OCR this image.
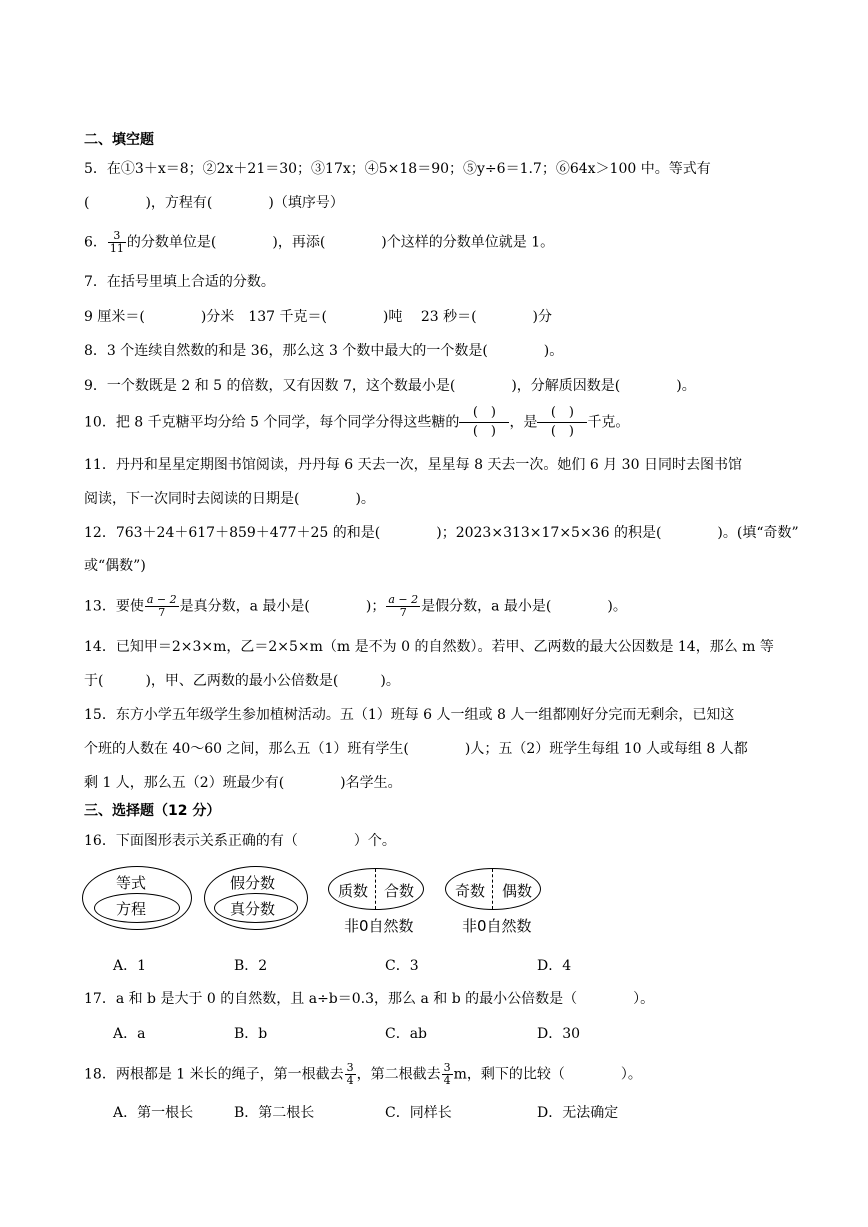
二、填空题
5．在①3＋x＝8；②2x＋21＝30；③17x；④5×18＝90；⑤y÷6＝1.7；⑥64x＞100 中。等式有
(　　　　)，方程有(　　　　)（填序号）
6． $\frac{3}{11}$ 的分数单位是(　　　　)，再添(　　　　)个这样的分数单位就是 1。
7．在括号里填上合适的分数。
9 厘米＝(　　　　)分米　137 千克＝(　　　　)吨　 23 秒＝(　　　　)分
8．3 个连续自然数的和是 36，那么这 3 个数中最大的一个数是(　　　　)。
9．一个数既是 2 和 5 的倍数，又有因数 7，这个数最小是(　　　　)，分解质因数是(　　　　)。
10．把 8 千克糖平均分给 5 个同学，每个同学分得这些糖的 $\frac{( )}{( )}$ ，是 $\frac{( )}{( )}$ 千克。
11．丹丹和星星定期图书馆阅读，丹丹每 6 天去一次，星星每 8 天去一次。她们 6 月 30 日同时去图书馆
阅读，下一次同时去阅读的日期是(　　　　)。
12．763＋24＋617＋859＋477＋25 的和是(　　　　)；2023×313×17×5×36 的积是(　　　　)。(填“奇数”
或“偶数”)
13．要使 $\frac{a - 2}{7}$ 是真分数，a 最小是(　　　　)； $\frac{a - 2}{7}$ 是假分数，a 最小是(　　　　)。
14．已知甲＝2×3×m，乙＝2×5×m（m 是不为 0 的自然数）。若甲、乙两数的最大公因数是 14，那么 m 等
于(　　　)，甲、乙两数的最小公倍数是(　　　)。
15．东方小学五年级学生参加植树活动。五（1）班每 6 人一组或 8 人一组都刚好分完而无剩余，已知这
个班的人数在 40～60 之间，那么五（1）班有学生(　　　　)人；五（2）班学生每组 10 人或每组 8 人都
剩 1 人，那么五（2）班最少有(　　　　)名学生。
三、选择题（12 分）
16．下面图形表示关系正确的有（　　　　）个。
等式
方程
假分数
真分数
质数 合数
非0自然数
奇数 偶数
非0自然数
A．1	B．2	C．3	D．4
17．a 和 b 是大于 0 的自然数，且 a÷b＝0.3，那么 a 和 b 的最小公倍数是（　　　　）。
A．a	B．b	C．ab	D．30
18．两根都是 1 米长的绳子，第一根截去 $\frac{3}{4}$ ，第二根截去 $\frac{3}{4}$ m，剩下的比较（　　　　）。
A．第一根长	B．第二根长	C．同样长	D．无法确定
